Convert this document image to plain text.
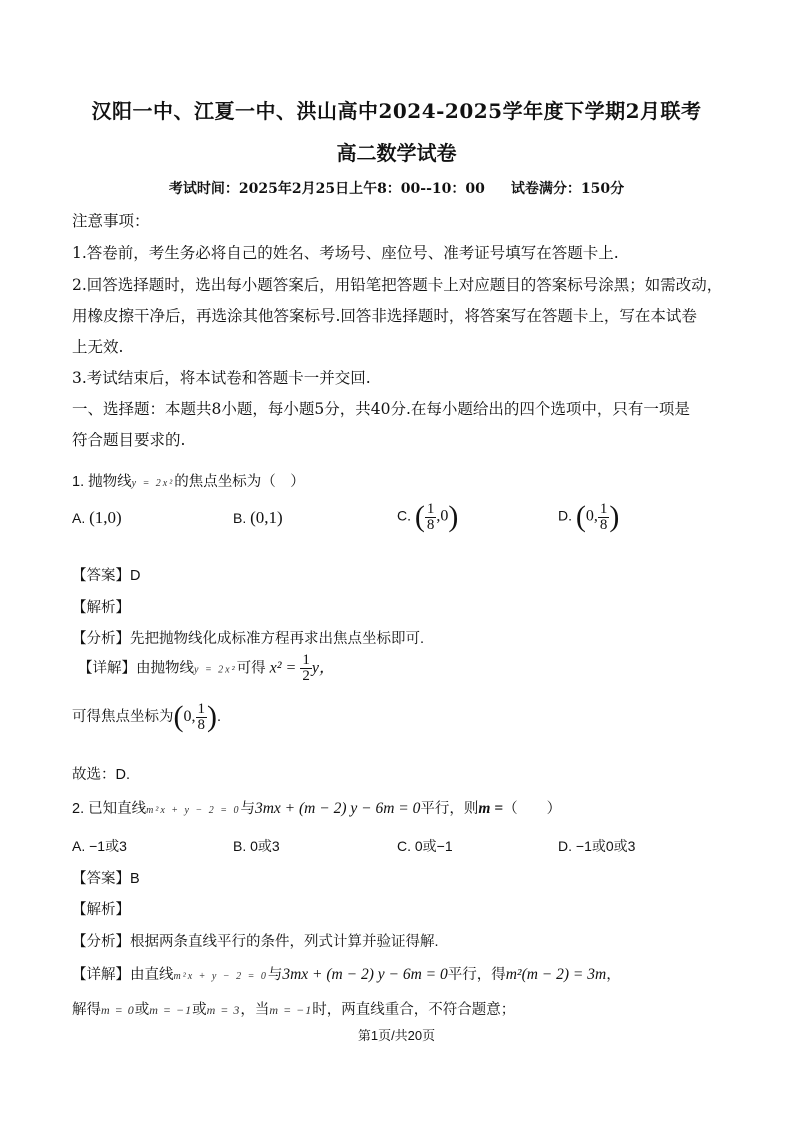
汉阳一中、江夏一中、洪山高中2024-2025学年度下学期2月联考
高二数学试卷
考试时间：2025年2月25日上午8：00--10：00 试卷满分：150分
注意事项：
1.答卷前，考生务必将自己的姓名、考场号、座位号、准考证号填写在答题卡上.
2.回答选择题时，选出每小题答案后，用铅笔把答题卡上对应题目的答案标号涂黑；如需改动，
用橡皮擦干净后，再选涂其他答案标号.回答非选择题时，将答案写在答题卡上，写在本试卷
上无效.
3.考试结束后，将本试卷和答题卡一并交回.
一、选择题：本题共8小题，每小题5分，共40分.在每小题给出的四个选项中，只有一项是
符合题目要求的.
1. 抛物线y = 2x²的焦点坐标为（　）
A. (1,0)	B. (0,1)	C. ( $\frac{1}{8} ,0$)	D. (0, $\frac{1}{8}$ )
【答案】D
【解析】
【分析】先把抛物线化成标准方程再求出焦点坐标即可.
【详解】由抛物线y = 2x²可得 $x^2 = \frac{1}{2}$ y，
可得焦点坐标为(0, $\frac{1}{8}$ ).
故选：D.
2. 已知直线m²x + y − 2 = 0与3mx + (m − 2) y − 6m = 0平行，则m =（　　）
A. −1或3	B. 0或3	C. 0或−1	D. −1或0或3
【答案】B
【解析】
【分析】根据两条直线平行的条件，列式计算并验证得解.
【详解】由直线m²x + y − 2 = 0与3mx + (m − 2) y − 6m = 0平行，得m²(m − 2) = 3m，
解得m = 0或m = −1或m = 3，当m = −1时，两直线重合，不符合题意；
第1页/共20页
